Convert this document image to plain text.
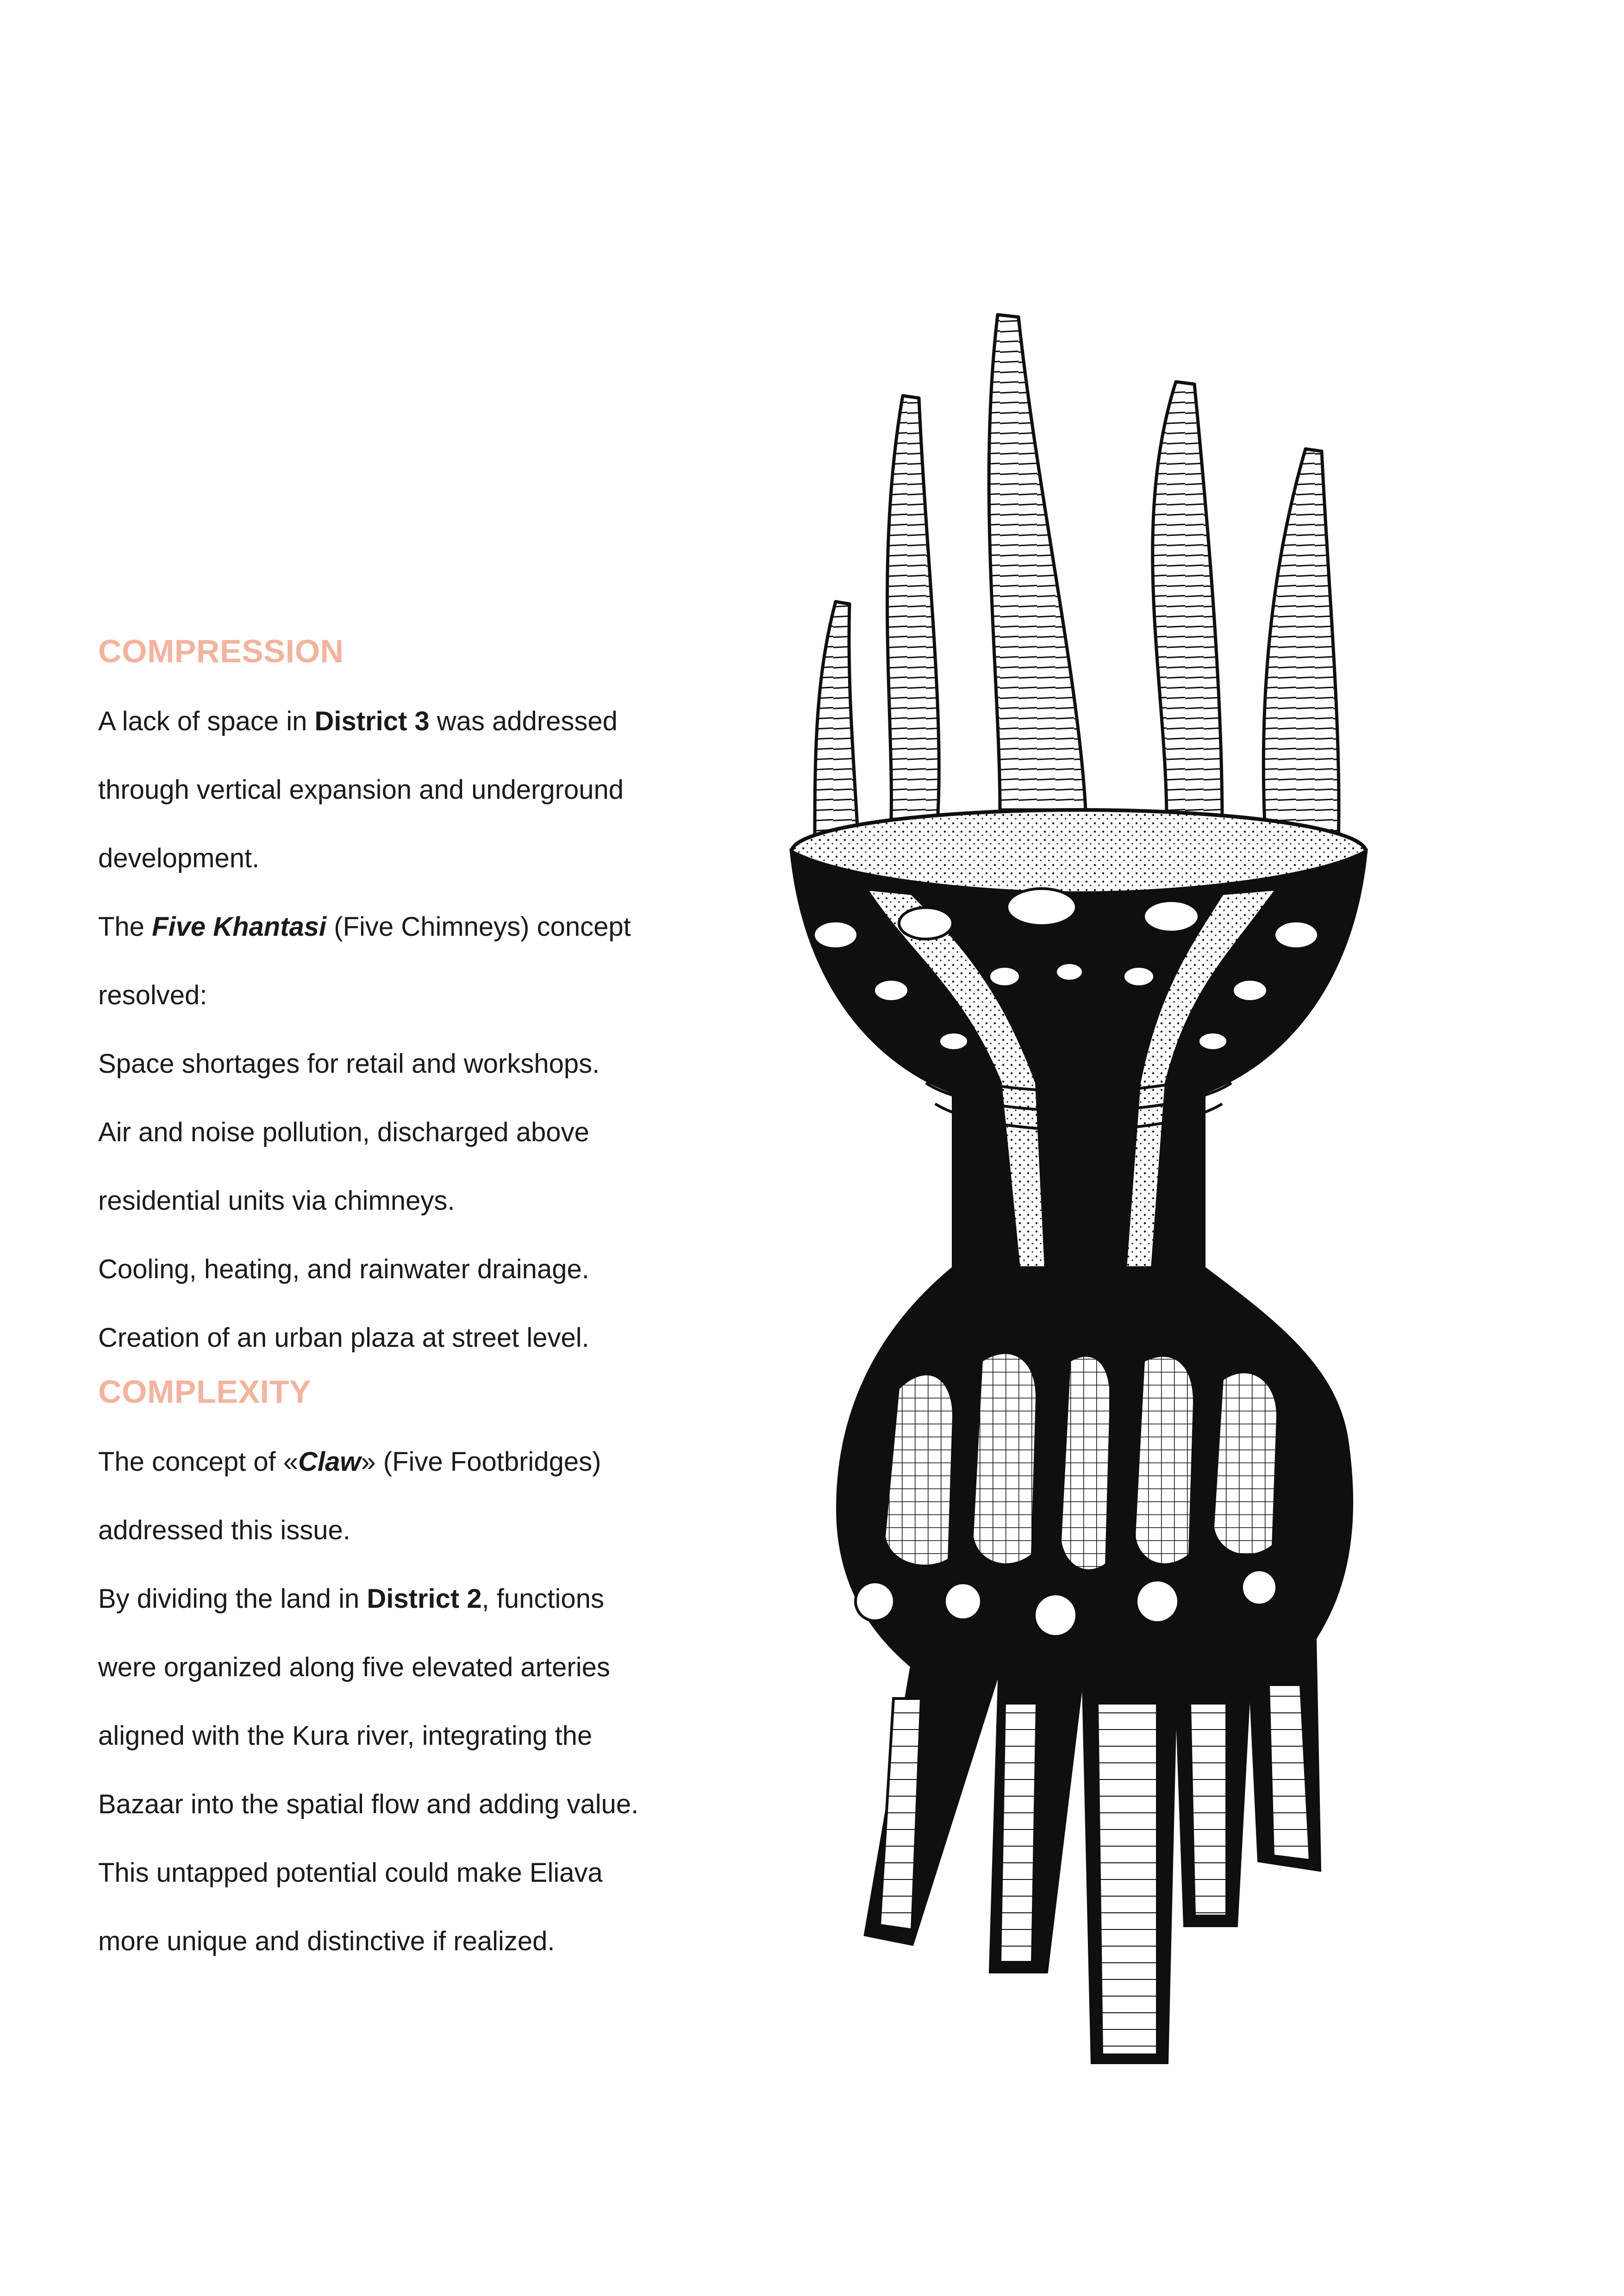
COMPRESSION

A lack of space in District 3 was addressed

through vertical expansion and underground

development.

The Five Khantasi (Five Chimneys) concept

resolved:

Space shortages for retail and workshops.

Air and noise pollution, discharged above

residential units via chimneys.

Cooling, heating, and rainwater drainage.

Creation of an urban plaza at street level.

COMPLEXITY

The concept of «Claw» (Five Footbridges)

addressed this issue.

By dividing the land in District 2, functions

were organized along five elevated arteries

aligned with the Kura river, integrating the

Bazaar into the spatial flow and adding value.

This untapped potential could make Eliava

more unique and distinctive if realized.
